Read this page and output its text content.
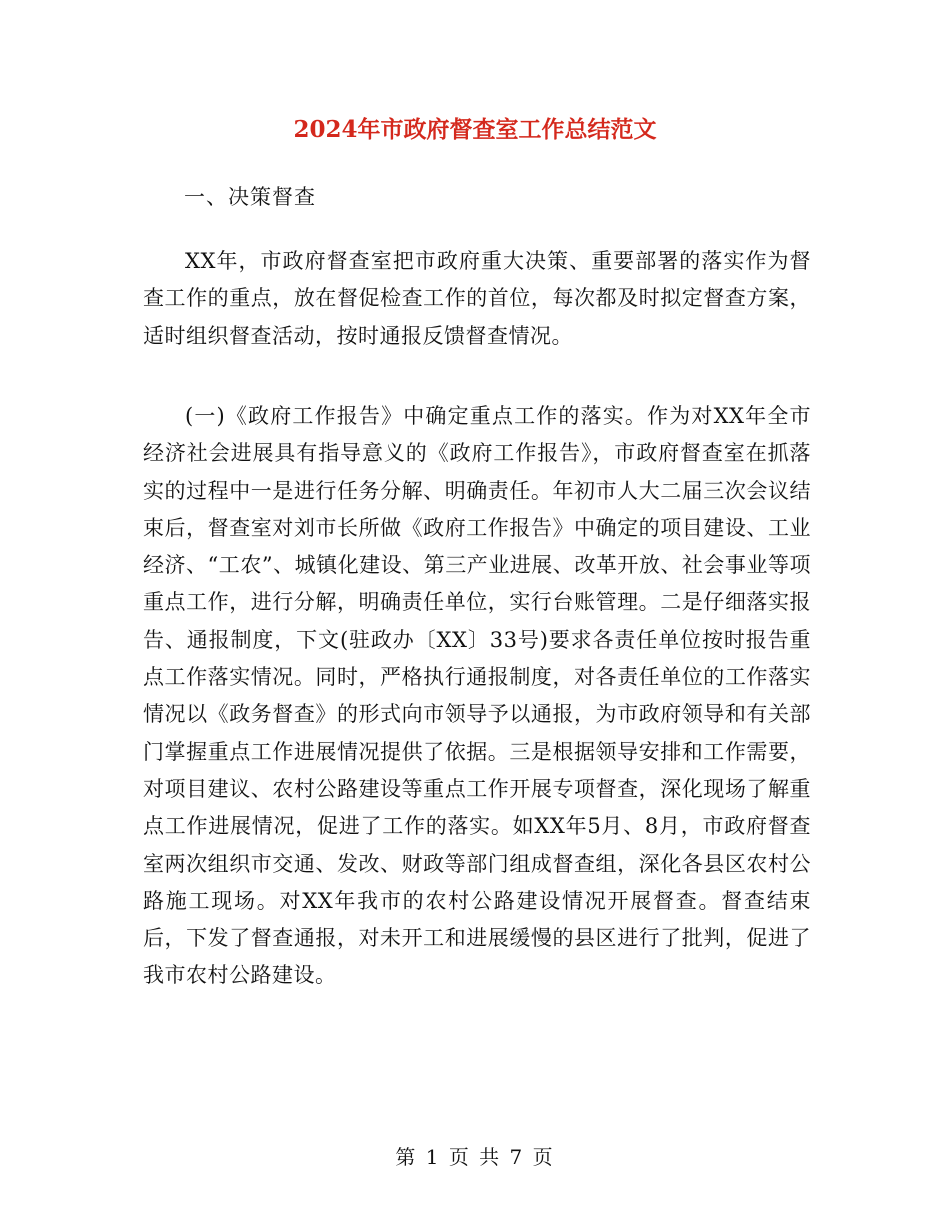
2024年市政府督查室工作总结范文

一、决策督查

XX年，市政府督查室把市政府重大决策、重要部署的落实作为督查工作的重点，放在督促检查工作的首位，每次都及时拟定督查方案，适时组织督查活动，按时通报反馈督查情况。

(一)《政府工作报告》中确定重点工作的落实。作为对XX年全市经济社会进展具有指导意义的《政府工作报告》，市政府督查室在抓落实的过程中一是进行任务分解、明确责任。年初市人大二届三次会议结束后，督查室对刘市长所做《政府工作报告》中确定的项目建设、工业经济、“工农”、城镇化建设、第三产业进展、改革开放、社会事业等项重点工作，进行分解，明确责任单位，实行台账管理。二是仔细落实报告、通报制度，下文(驻政办〔XX〕33号)要求各责任单位按时报告重点工作落实情况。同时，严格执行通报制度，对各责任单位的工作落实情况以《政务督查》的形式向市领导予以通报，为市政府领导和有关部门掌握重点工作进展情况提供了依据。三是根据领导安排和工作需要，对项目建议、农村公路建设等重点工作开展专项督查，深化现场了解重点工作进展情况，促进了工作的落实。如XX年5月、8月，市政府督查室两次组织市交通、发改、财政等部门组成督查组，深化各县区农村公路施工现场。对XX年我市的农村公路建设情况开展督查。督查结束后，下发了督查通报，对未开工和进展缓慢的县区进行了批判，促进了我市农村公路建设。

第 1 页 共 7 页
